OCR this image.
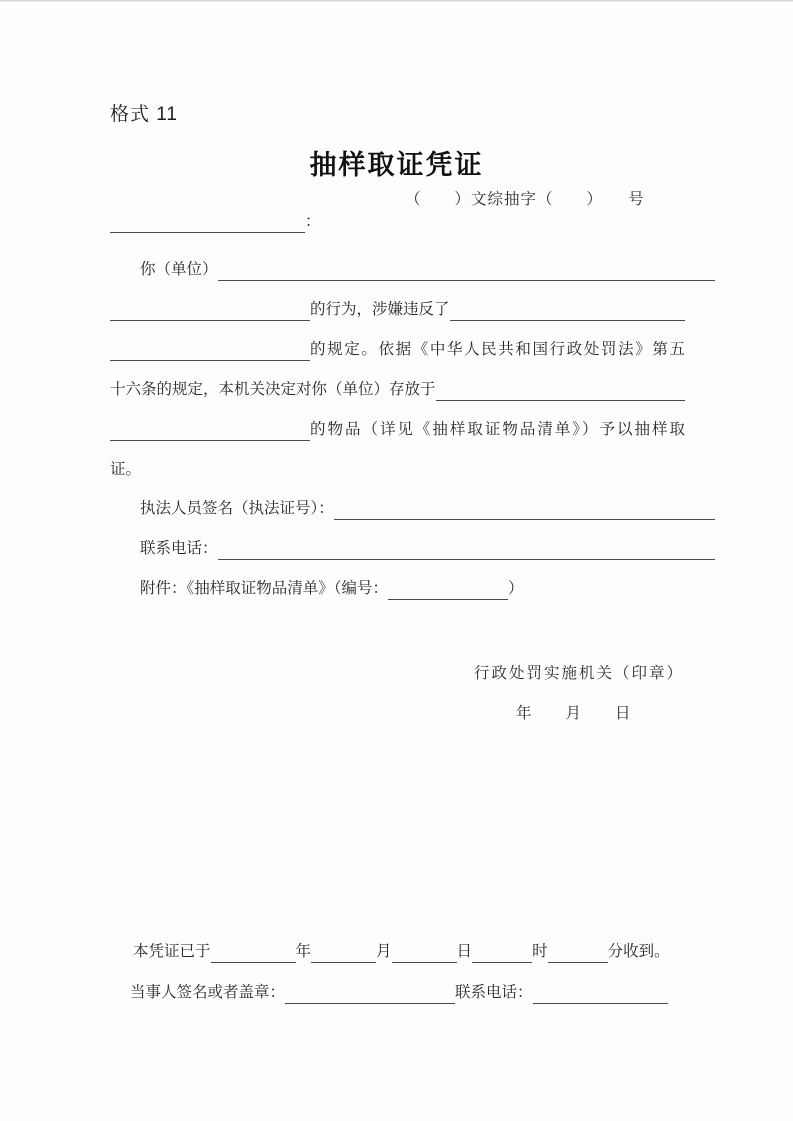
格式 11
抽样取证凭证
（　　）文综抽字（　　）　　号
：
你（单位）
的行为，涉嫌违反了
的规定。依据《中华人民共和国行政处罚法》第五
十六条的规定，本机关决定对你（单位）存放于
的物品（详见《抽样取证物品清单》）予以抽样取
证。
执法人员签名（执法证号）：
联系电话：
附件：《抽样取证物品清单》（编号：	）
行政处罚实施机关（印章）
年　　月　　日
本凭证已于	年	月	日	时	分收到。
当事人签名或者盖章：	联系电话：
